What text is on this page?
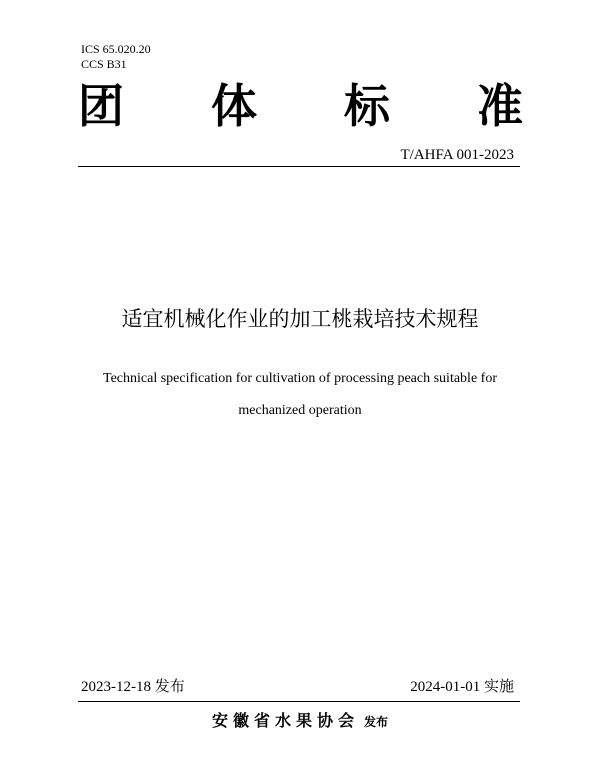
ICS 65.020.20
CCS B31
团 体 标 准
T/AHFA 001-2023
适宜机械化作业的加工桃栽培技术规程
Technical specification for cultivation of processing peach suitable for
mechanized operation
2023-12-18 发布	2024-01-01 实施
安徽省水果协会 发布
